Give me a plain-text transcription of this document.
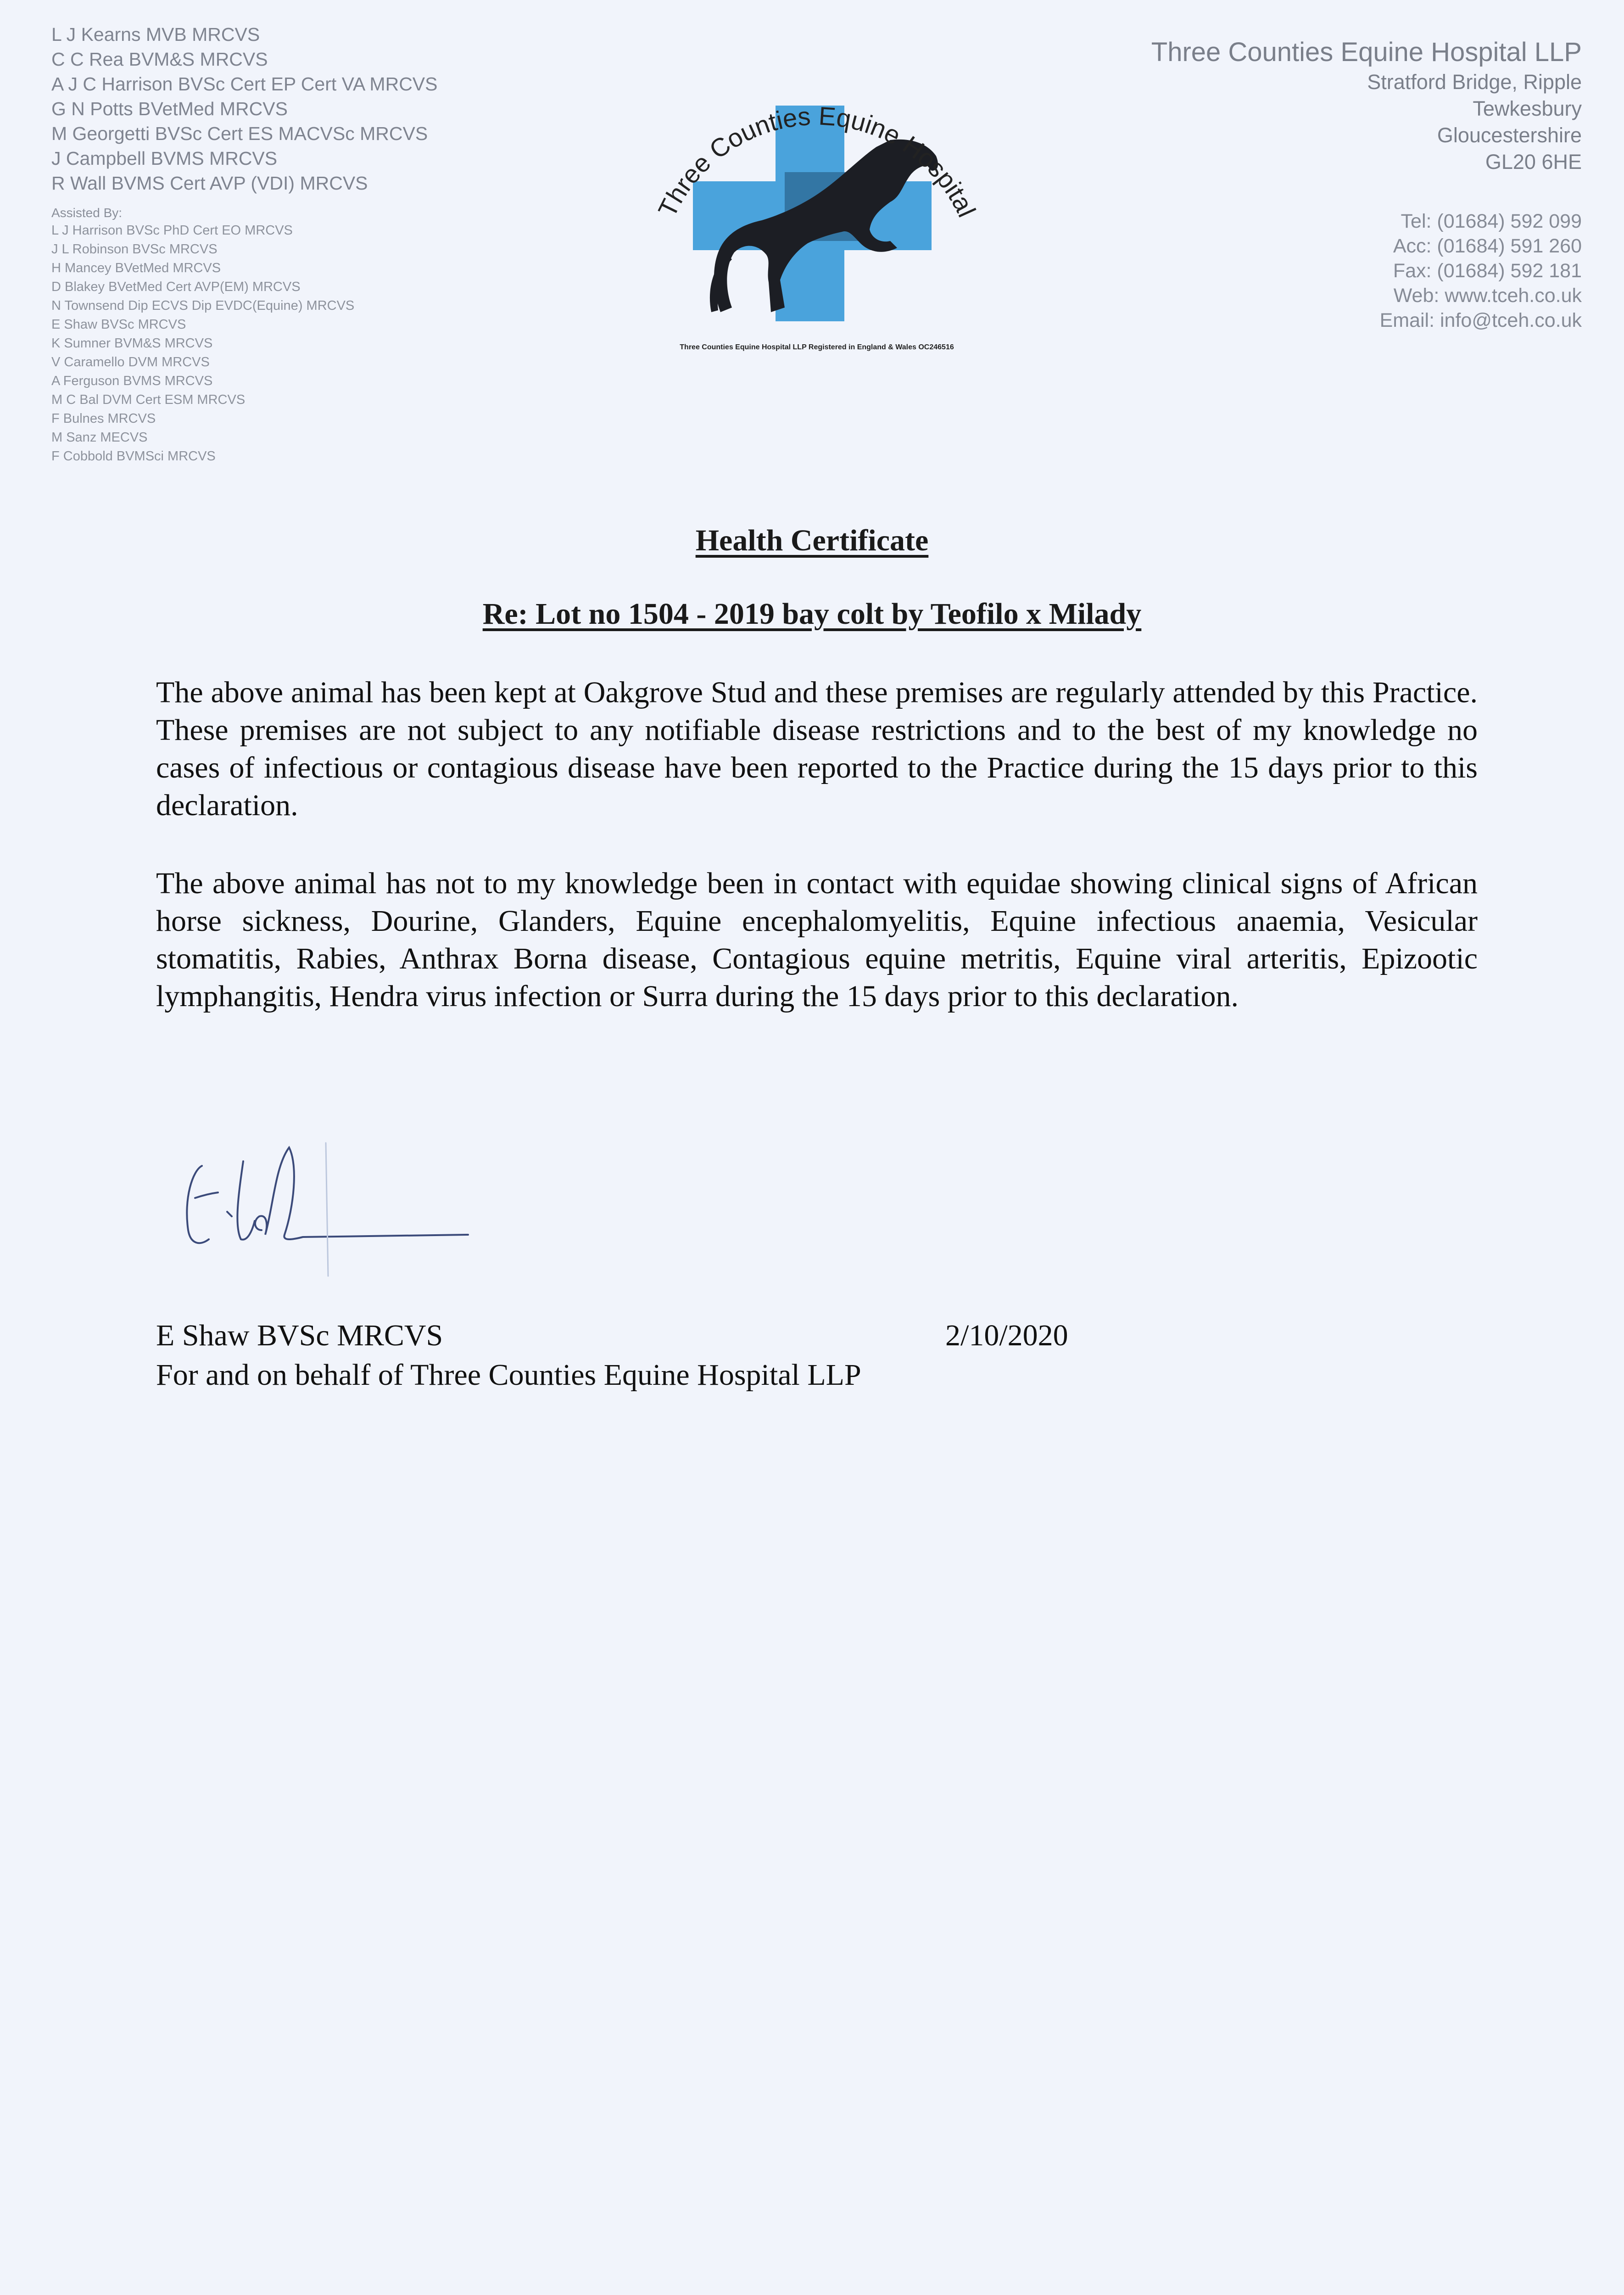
L J Kearns MVB MRCVS
C C Rea BVM&S MRCVS
A J C Harrison BVSc Cert EP Cert VA MRCVS
G N Potts BVetMed MRCVS
M Georgetti BVSc Cert ES MACVSc MRCVS
J Campbell BVMS MRCVS
R Wall BVMS Cert AVP (VDI) MRCVS
Assisted By:
L J Harrison BVSc PhD Cert EO MRCVS
J L Robinson BVSc MRCVS
H Mancey BVetMed MRCVS
D Blakey BVetMed Cert AVP(EM) MRCVS
N Townsend Dip ECVS Dip EVDC(Equine) MRCVS
E Shaw BVSc MRCVS
K Sumner BVM&S MRCVS
V Caramello DVM MRCVS
A Ferguson BVMS MRCVS
M C Bal DVM Cert ESM MRCVS
F Bulnes MRCVS
M Sanz MECVS
F Cobbold BVMSci MRCVS
Three Counties Equine Hospital
Three Counties Equine Hospital LLP Registered in England & Wales OC246516
Three Counties Equine Hospital LLP
Stratford Bridge, Ripple
Tewkesbury
Gloucestershire
GL20 6HE
Tel: (01684) 592 099
Acc: (01684) 591 260
Fax: (01684) 592 181
Web: www.tceh.co.uk
Email: info@tceh.co.uk
Health Certificate
Re: Lot no 1504 - 2019 bay colt by Teofilo x Milady
The above animal has been kept at Oakgrove Stud and these premises are regularly attended by this Practice. These premises are not subject to any notifiable disease restrictions and to the best of my knowledge no cases of infectious or contagious disease have been reported to the Practice during the 15 days prior to this declaration.
The above animal has not to my knowledge been in contact with equidae showing clinical signs of African horse sickness, Dourine, Glanders, Equine encephalomyelitis, Equine infectious anaemia, Vesicular stomatitis, Rabies, Anthrax Borna disease, Contagious equine metritis, Equine viral arteritis, Epizootic lymphangitis, Hendra virus infection or Surra during the 15 days prior to this declaration.
E Shaw BVSc MRCVS	2/10/2020
For and on behalf of Three Counties Equine Hospital LLP
